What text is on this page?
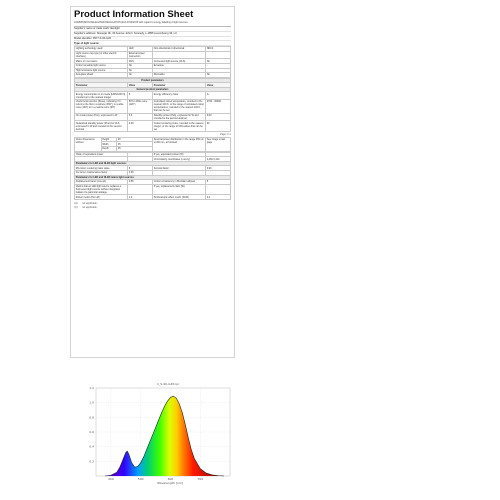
Product Information Sheet
COMMISSION DELEGATED REGULATION (EU) 2019/2015 with regard to energy labelling of light sources
Supplier's name or trade mark: Ikenlight
Supplier's address: Stonegar 9b, 30 Avenue John F Kennedy, L-1855 Luxembourg 36, LU
Model identifier: 9577-S-90-G45
Type of light source:
Lighting technology used:	LED	Non-directional or directional:	NDLS
Light source cap-type (or other electric interface)	External power connection		
Mains or non-mains:	MLS	Connected light source (CLS):	No
Colour-tuneable light source:	No	Envelope:	-
High luminance light source:	No		
Anti-glare shield:	No	Dimmable:	No
Product parameters			
Parameter	Value	Parameter	Value
General product parameters			
Energy consumption in on-mode (kWh/1000 h), rounded up to the nearest integer	5	Energy efficiency class	G
Useful luminous flux (Φuse), indicating if it refers to the flux in a sphere (360°), in a wide cone (120°) or in a narrow cone (90°)	870 in Wide cone (120°)	Correlated colour temperature, rounded to the nearest 100 K, or the range of correlated colour temperatures, rounded to the nearest 100 K, that can be set	2700 - 3000K
On-mode power (Pon), expressed in W	5,6	Standby power (Psb), expressed in W and rounded to the second decimal	0,00
Networked standby power (Pnet) for CLS, expressed in W and rounded to the second decimal	0,00	Colour rendering index, rounded to the nearest integer, or the range of CRI-values that can be set	90
Page 1 / 2
Outer dimensions without	Height	90	Spectral power distribution in the range 250 nm to 800 nm, at full-load	See image in last page
	Width	45		
	Depth	45		
Claim of equivalent power	-	If yes, equivalent power (W)	
		Chromaticity coordinates (x and y)	0,460 0,410
Parameters for LED and OLED light sources:			
R9 colour rendering index value	9	Survival factor	0,90
the lumen maintenance factor	0,90		
Parameters for LED and OLED mains light sources:			
displacement factor (cos φ1)	0,55	Colour consistency in McAdam ellipses	5
Claims that an LED light source replaces a fluorescent light source without integrated ballast of a particular wattage	-	If yes, replacement claim (W)	-
Flicker metric (Pst LM)	1,0	Stroboscopic effect metric (SVM)	0,4
'(a)'not applicable;
'(b)'not applicable;
Ii_S-90-G45.lpi
0.2
0.4
0.6
0.8
1.0
1.2
400	500	600	700
Wavelength [nm]
